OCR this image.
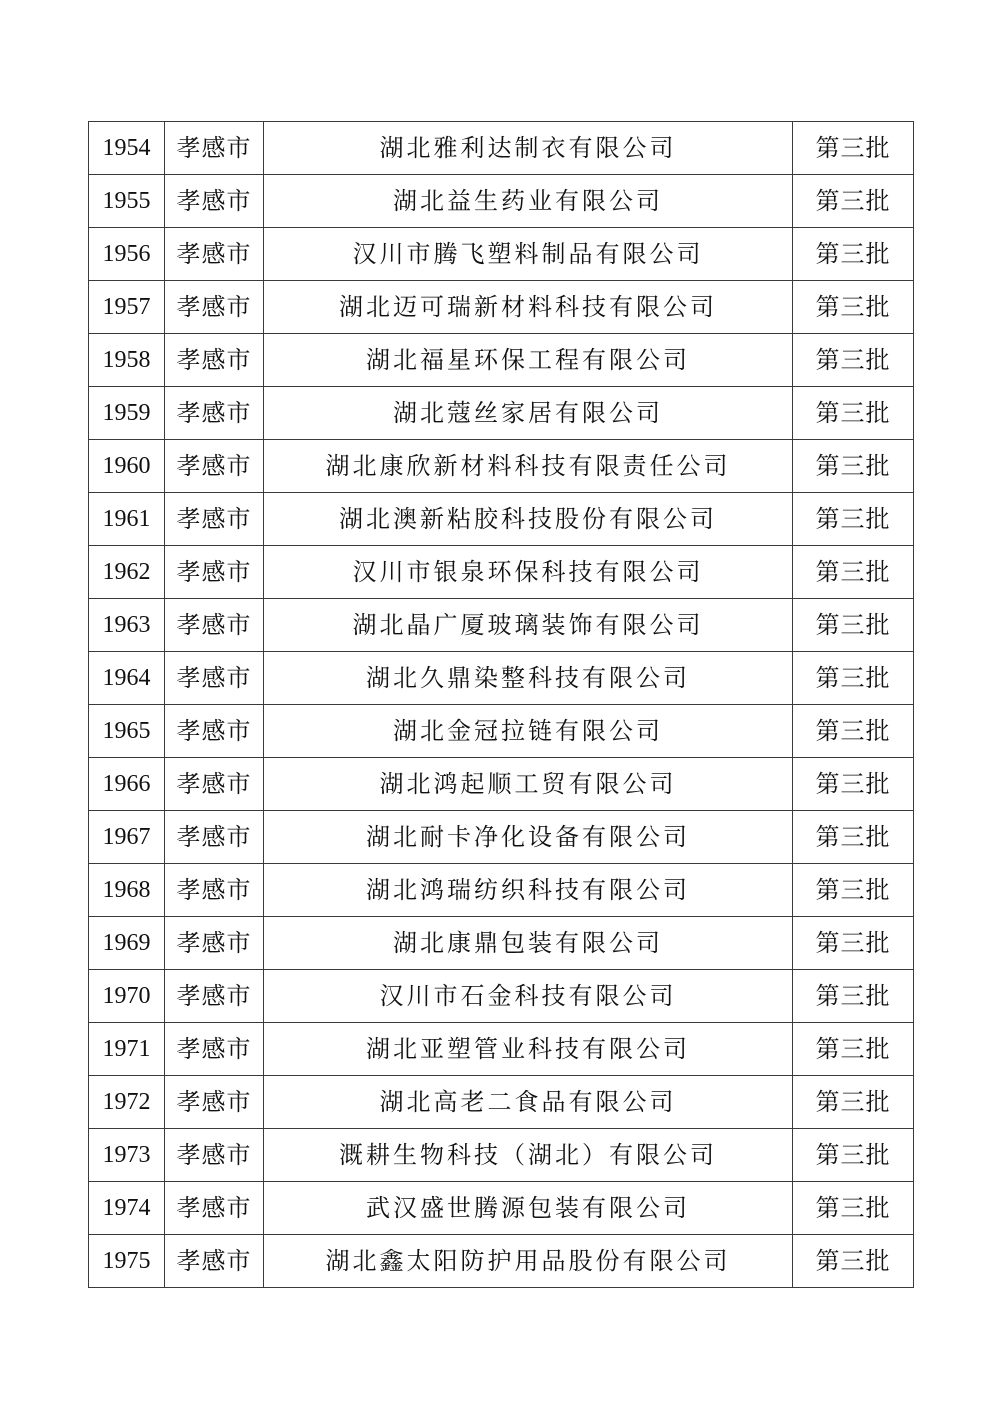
1954	孝感市	湖北雅利达制衣有限公司	第三批
1955	孝感市	湖北益生药业有限公司	第三批
1956	孝感市	汉川市腾飞塑料制品有限公司	第三批
1957	孝感市	湖北迈可瑞新材料科技有限公司	第三批
1958	孝感市	湖北福星环保工程有限公司	第三批
1959	孝感市	湖北蔻丝家居有限公司	第三批
1960	孝感市	湖北康欣新材料科技有限责任公司	第三批
1961	孝感市	湖北澳新粘胶科技股份有限公司	第三批
1962	孝感市	汉川市银泉环保科技有限公司	第三批
1963	孝感市	湖北晶广厦玻璃装饰有限公司	第三批
1964	孝感市	湖北久鼎染整科技有限公司	第三批
1965	孝感市	湖北金冠拉链有限公司	第三批
1966	孝感市	湖北鸿起顺工贸有限公司	第三批
1967	孝感市	湖北耐卡净化设备有限公司	第三批
1968	孝感市	湖北鸿瑞纺织科技有限公司	第三批
1969	孝感市	湖北康鼎包装有限公司	第三批
1970	孝感市	汉川市石金科技有限公司	第三批
1971	孝感市	湖北亚塑管业科技有限公司	第三批
1972	孝感市	湖北高老二食品有限公司	第三批
1973	孝感市	溉耕生物科技（湖北）有限公司	第三批
1974	孝感市	武汉盛世腾源包装有限公司	第三批
1975	孝感市	湖北鑫太阳防护用品股份有限公司	第三批
